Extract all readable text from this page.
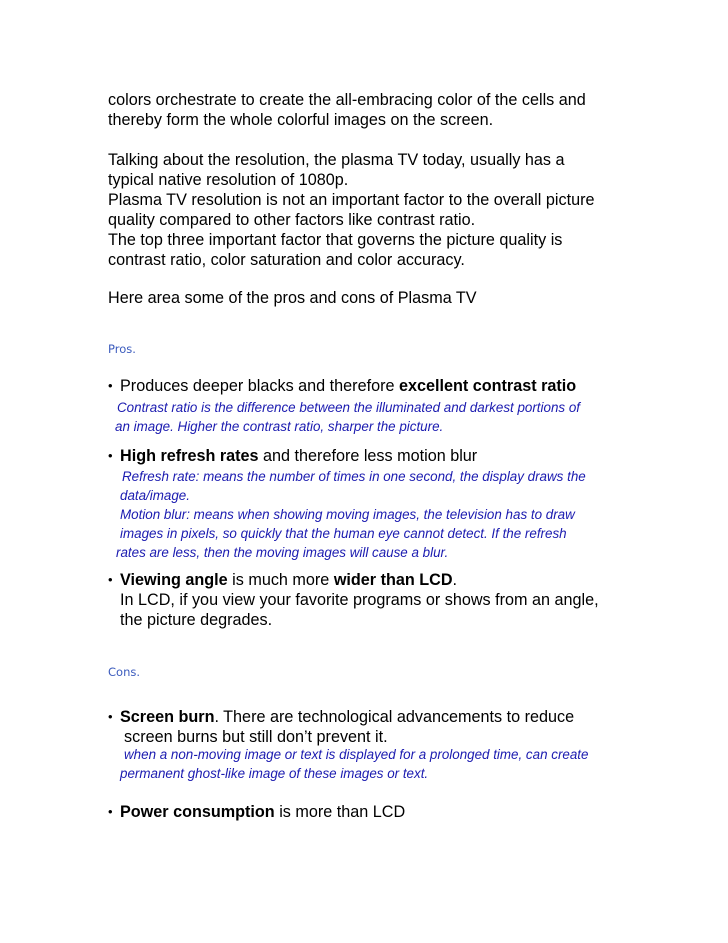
colors orchestrate to create the all-embracing color of the cells and
thereby form the whole colorful images on the screen.
Talking about the resolution, the plasma TV today, usually has a
typical native resolution of 1080p.
Plasma TV resolution is not an important factor to the overall picture
quality compared to other factors like contrast ratio.
The top three important factor that governs the picture quality is
contrast ratio, color saturation and color accuracy.
Here area some of the pros and cons of Plasma TV
Pros.
• Produces deeper blacks and therefore excellent contrast ratio
Contrast ratio is the difference between the illuminated and darkest portions of
an image. Higher the contrast ratio, sharper the picture.
• High refresh rates and therefore less motion blur
Refresh rate: means the number of times in one second, the display draws the
data/image.
Motion blur: means when showing moving images, the television has to draw
images in pixels, so quickly that the human eye cannot detect. If the refresh
rates are less, then the moving images will cause a blur.
• Viewing angle is much more wider than LCD.
In LCD, if you view your favorite programs or shows from an angle,
the picture degrades.
Cons.
• Screen burn. There are technological advancements to reduce
screen burns but still don’t prevent it.
when a non-moving image or text is displayed for a prolonged time, can create
permanent ghost-like image of these images or text.
• Power consumption is more than LCD
